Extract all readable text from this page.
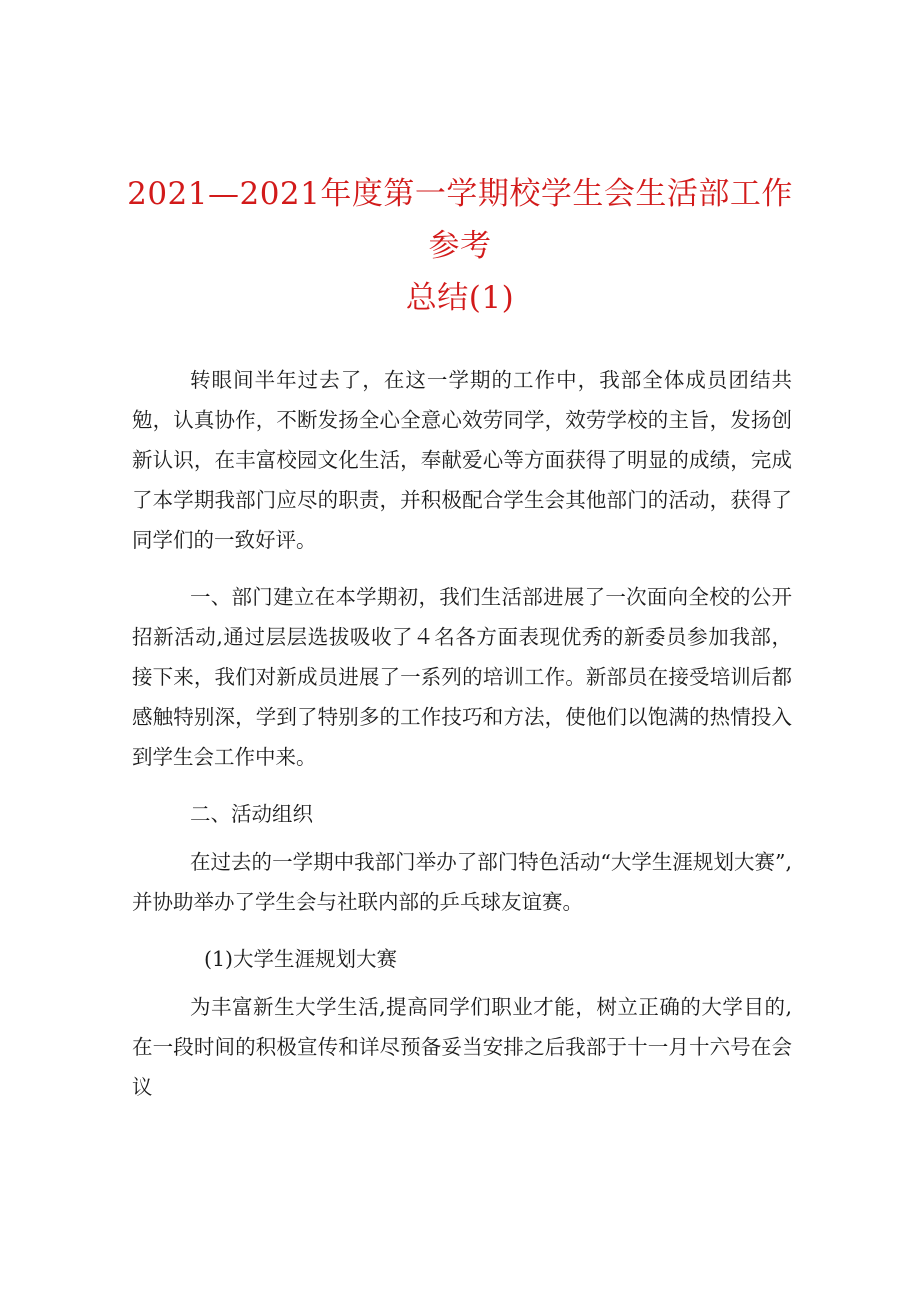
2021—2021年度第一学期校学生会生活部工作参考
总结(1)

转眼间半年过去了，在这一学期的工作中，我部全体成员团结共勉，认真协作，不断发扬全心全意心效劳同学，效劳学校的主旨，发扬创新认识，在丰富校园文化生活，奉献爱心等方面获得了明显的成绩，完成了本学期我部门应尽的职责，并积极配合学生会其他部门的活动，获得了同学们的一致好评。

一、部门建立在本学期初，我们生活部进展了一次面向全校的公开招新活动,通过层层选拔吸收了４名各方面表现优秀的新委员参加我部，接下来，我们对新成员进展了一系列的培训工作。新部员在接受培训后都感触特别深，学到了特别多的工作技巧和方法，使他们以饱满的热情投入到学生会工作中来。

二、活动组织

在过去的一学期中我部门举办了部门特色活动“大学生涯规划大赛”,并协助举办了学生会与社联内部的乒乓球友谊赛。

(1)大学生涯规划大赛

为丰富新生大学生活,提高同学们职业才能，树立正确的大学目的,在一段时间的积极宣传和详尽预备妥当安排之后我部于十一月十六号在会议
